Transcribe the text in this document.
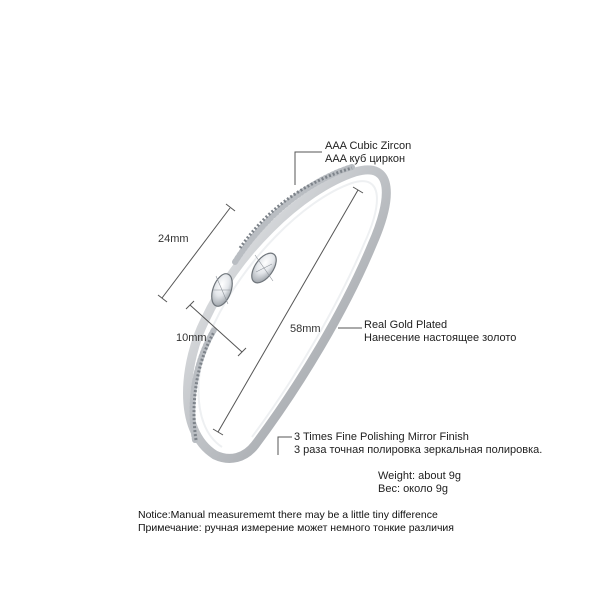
AAA Cubic Zircon
AAA куб циркон
24mm
10mm
58mm	Real Gold Plated
Нанесение настоящее золото
3 Times Fine Polishing Mirror Finish
3 раза точная полировка зеркальная полировка.
Weight: about 9g
Вес: около 9g
Notice:Manual measurememt there may be a little tiny difference
Примечание: ручная измерение может немного тонкие различия
